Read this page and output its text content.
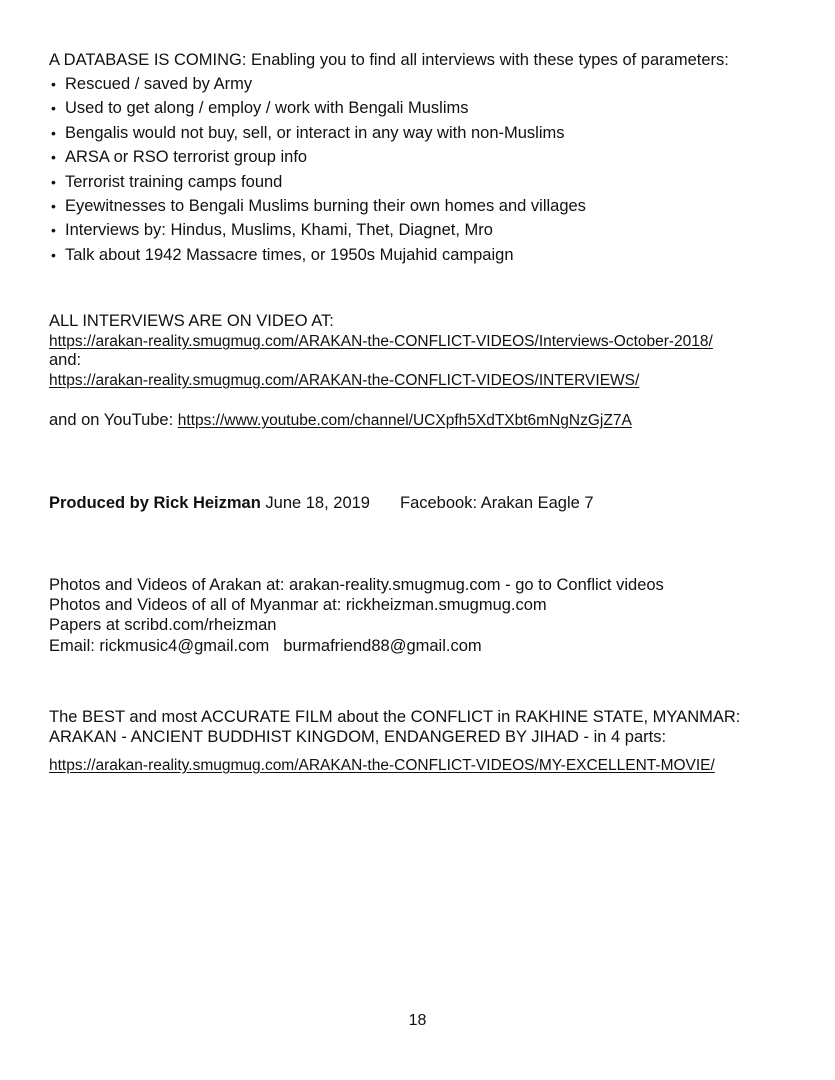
A DATABASE IS COMING: Enabling you to find all interviews with these types of parameters:
• Rescued / saved by Army
• Used to get along / employ / work with Bengali Muslims
• Bengalis would not buy, sell, or interact in any way with non-Muslims
• ARSA or RSO terrorist group info
• Terrorist training camps found
• Eyewitnesses to Bengali Muslims burning their own homes and villages
• Interviews by: Hindus, Muslims, Khami, Thet, Diagnet, Mro
• Talk about 1942 Massacre times, or 1950s Mujahid campaign
ALL INTERVIEWS ARE ON VIDEO AT:
https://arakan-reality.smugmug.com/ARAKAN-the-CONFLICT-VIDEOS/Interviews-October-2018/
and:
https://arakan-reality.smugmug.com/ARAKAN-the-CONFLICT-VIDEOS/INTERVIEWS/
and on YouTube: https://www.youtube.com/channel/UCXpfh5XdTXbt6mNgNzGjZ7A
Produced by Rick Heizman June 18, 2019 Facebook: Arakan Eagle 7
Photos and Videos of Arakan at: arakan-reality.smugmug.com - go to Conflict videos
Photos and Videos of all of Myanmar at: rickheizman.smugmug.com
Papers at scribd.com/rheizman
Email: rickmusic4@gmail.com burmafriend88@gmail.com
The BEST and most ACCURATE FILM about the CONFLICT in RAKHINE STATE, MYANMAR:
ARAKAN - ANCIENT BUDDHIST KINGDOM, ENDANGERED BY JIHAD - in 4 parts:
https://arakan-reality.smugmug.com/ARAKAN-the-CONFLICT-VIDEOS/MY-EXCELLENT-MOVIE/
18
